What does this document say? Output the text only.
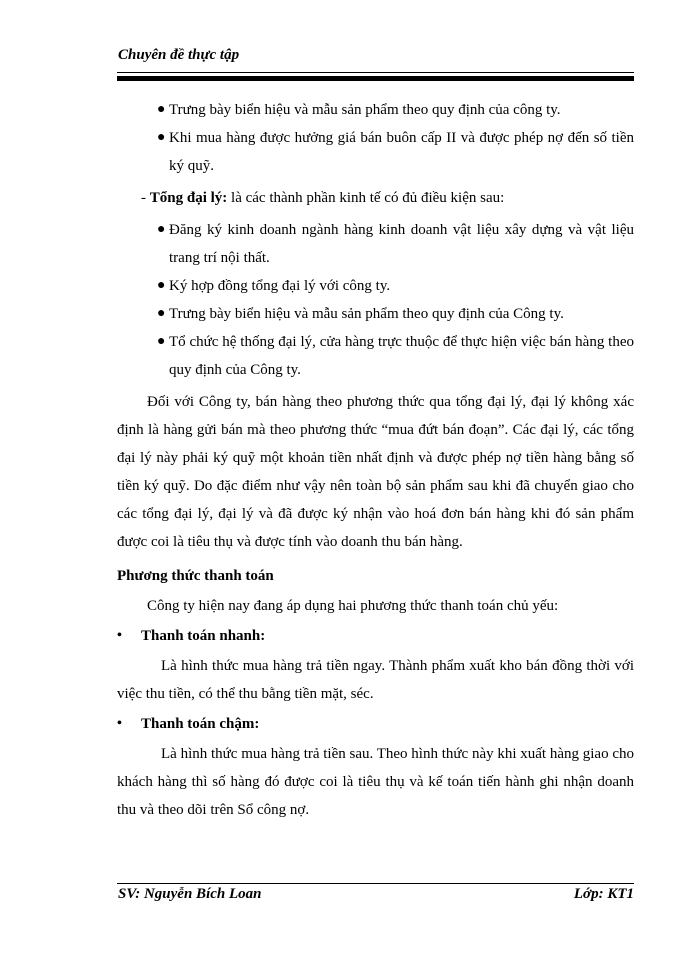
Chuyên đề thực tập
● Trưng bày biển hiệu và mẫu sản phẩm theo quy định của công ty.
● Khi mua hàng được hưởng giá bán buôn cấp II và được phép nợ đến số tiền ký quỹ.
- Tổng đại lý: là các thành phần kinh tế có đủ điều kiện sau:
● Đăng ký kinh doanh ngành hàng kinh doanh vật liệu xây dựng và vật liệu trang trí nội thất.
● Ký hợp đồng tổng đại lý với công ty.
● Trưng bày biển hiệu và mẫu sản phẩm theo quy định của Công ty.
● Tổ chức hệ thống đại lý, cửa hàng trực thuộc để thực hiện việc bán hàng theo quy định của Công ty.

Đối với Công ty, bán hàng theo phương thức qua tổng đại lý, đại lý không xác định là hàng gửi bán mà theo phương thức “mua đứt bán đoạn”. Các đại lý, các tổng đại lý này phải ký quỹ một khoản tiền nhất định và được phép nợ tiền hàng bằng số tiền ký quỹ. Do đặc điểm như vậy nên toàn bộ sản phẩm sau khi đã chuyển giao cho các tổng đại lý, đại lý và đã được ký nhận vào hoá đơn bán hàng khi đó sản phẩm được coi là tiêu thụ và được tính vào doanh thu bán hàng.

Phương thức thanh toán
Công ty hiện nay đang áp dụng hai phương thức thanh toán chủ yếu:
• Thanh toán nhanh:

Là hình thức mua hàng trả tiền ngay. Thành phẩm xuất kho bán đồng thời với việc thu tiền, có thể thu bằng tiền mặt, séc.

• Thanh toán chậm:

Là hình thức mua hàng trả tiền sau. Theo hình thức này khi xuất hàng giao cho khách hàng thì số hàng đó được coi là tiêu thụ và kế toán tiến hành ghi nhận doanh thu và theo dõi trên Sổ công nợ.

SV: Nguyễn Bích Loan	Lớp: KT1
